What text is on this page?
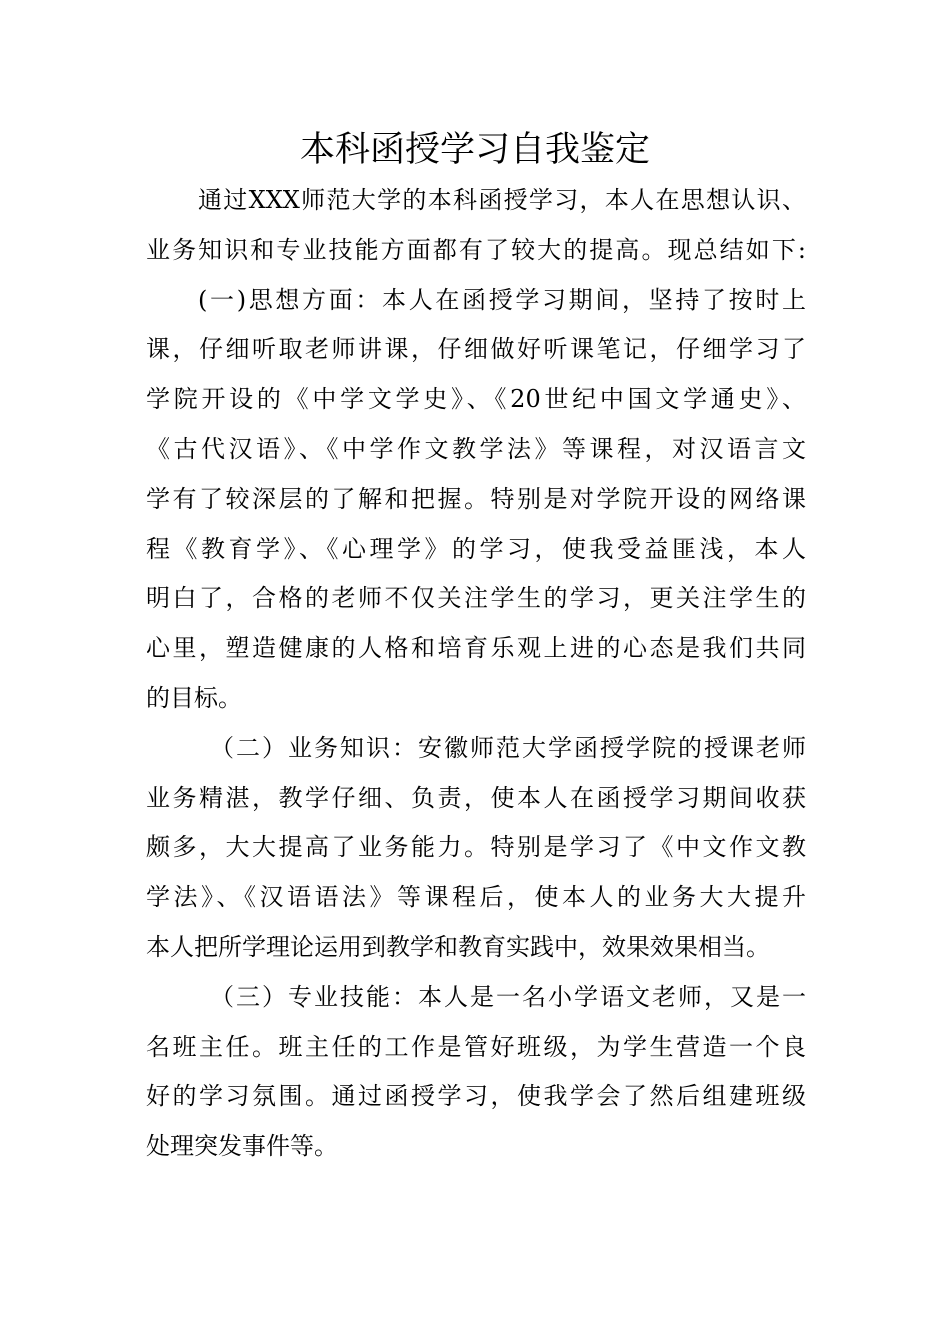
本科函授学习自我鉴定

通过XXX师范大学的本科函授学习，本人在思想认识、
业务知识和专业技能方面都有了较大的提高。现总结如下:

(一)思想方面：本人在函授学习期间，坚持了按时上
课，仔细听取老师讲课，仔细做好听课笔记，仔细学习了
学院开设的《中学文学史》、《20世纪中国文学通史》、
《古代汉语》、《中学作文教学法》等课程，对汉语言文
学有了较深层的了解和把握。特别是对学院开设的网络课
程《教育学》、《心理学》的学习，使我受益匪浅，本人
明白了，合格的老师不仅关注学生的学习，更关注学生的
心里，塑造健康的人格和培育乐观上进的心态是我们共同
的目标。

（二）业务知识：安徽师范大学函授学院的授课老师
业务精湛，教学仔细、负责，使本人在函授学习期间收获
颇多，大大提高了业务能力。特别是学习了《中文作文教
学法》、《汉语语法》等课程后，使本人的业务大大提升
本人把所学理论运用到教学和教育实践中，效果效果相当。

（三）专业技能：本人是一名小学语文老师，又是一
名班主任。班主任的工作是管好班级，为学生营造一个良
好的学习氛围。通过函授学习，使我学会了然后组建班级
处理突发事件等。
